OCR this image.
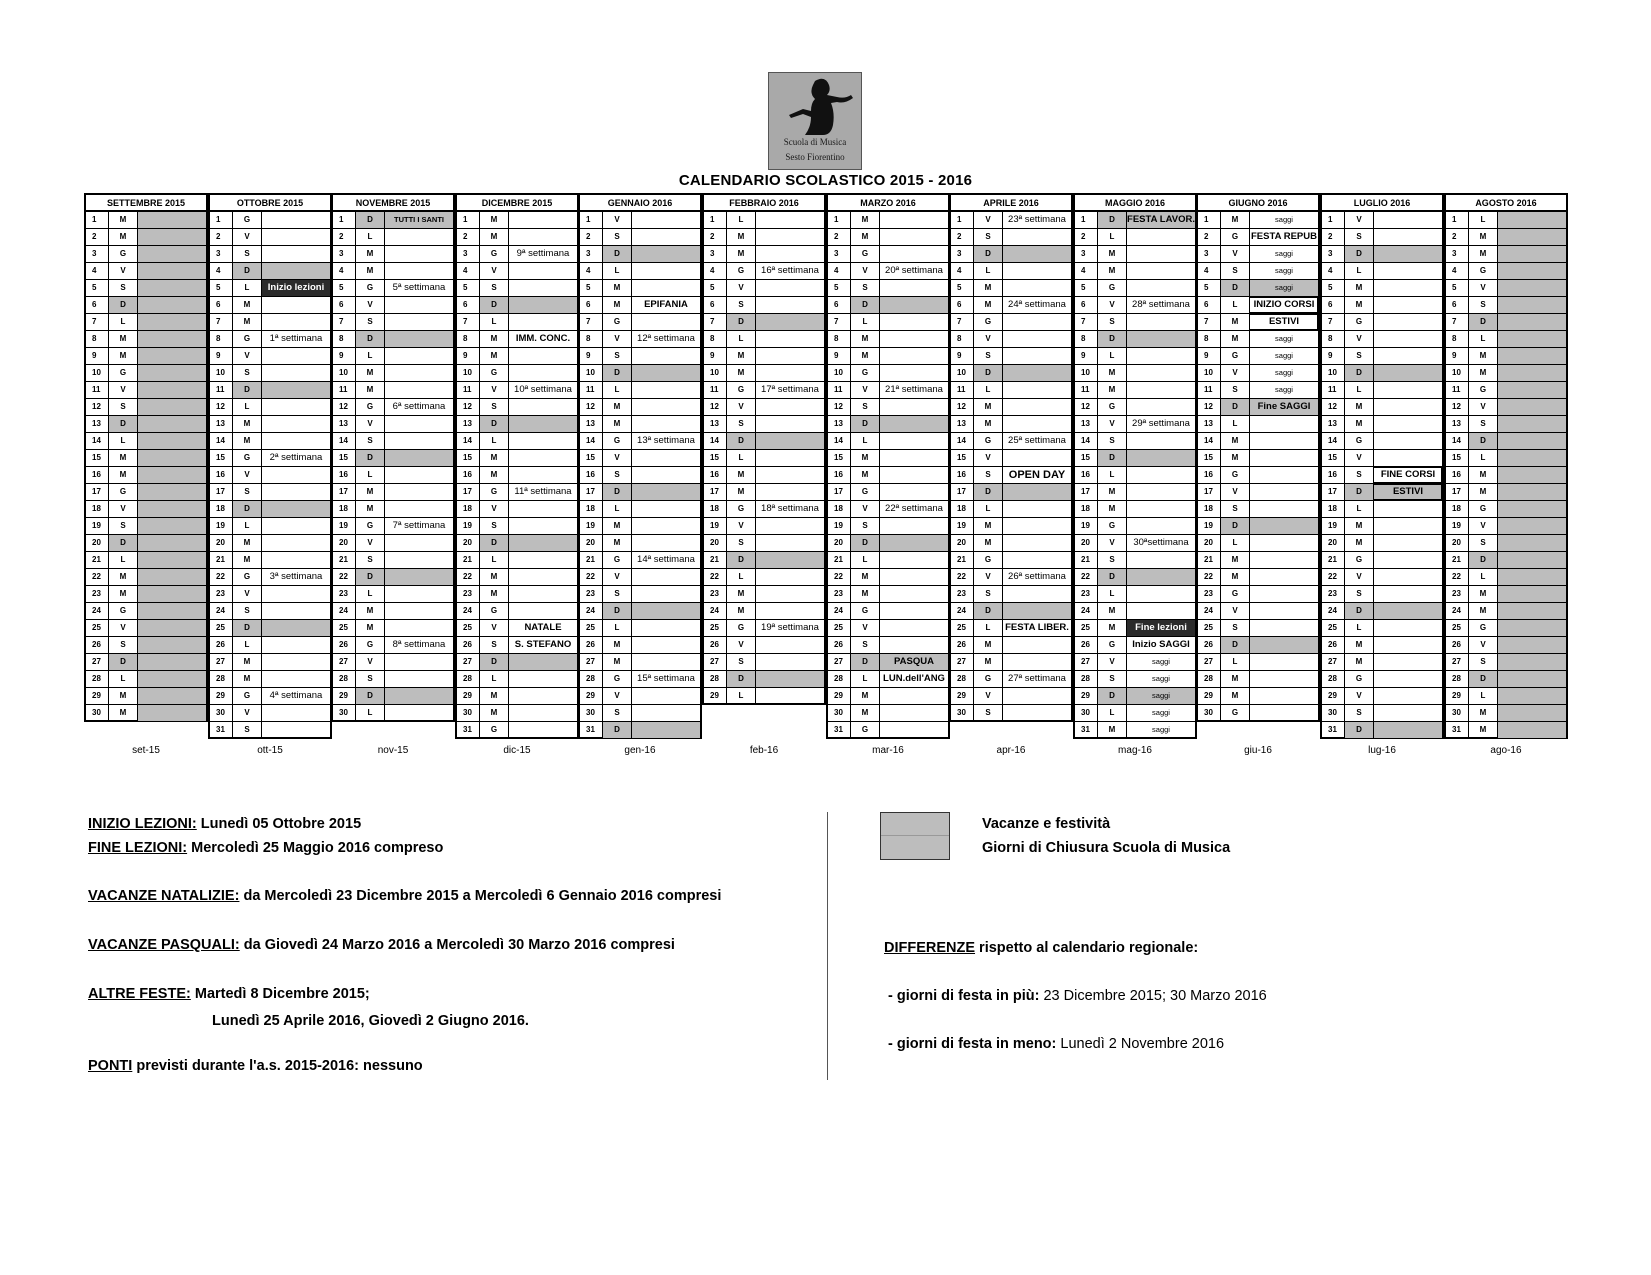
Scuola di Musica
Sesto Fiorentino
CALENDARIO SCOLASTICO 2015 - 2016
SETTEMBRE 2015
1	M
2	M
3	G
4	V
5	S
6	D
7	L
8	M
9	M
10	G
11	V
12	S
13	D
14	L
15	M
16	M
17	G
18	V
19	S
20	D
21	L
22	M
23	M
24	G
25	V
26	S
27	D
28	L
29	M
30	M
set-15
OTTOBRE 2015
1	G
2	V
3	S
4	D
5	L	Inizio lezioni
6	M
7	M
8	G	1ª settimana
9	V
10	S
11	D
12	L
13	M
14	M
15	G	2ª settimana
16	V
17	S
18	D
19	L
20	M
21	M
22	G	3ª settimana
23	V
24	S
25	D
26	L
27	M
28	M
29	G	4ª settimana
30	V
31	S
ott-15
NOVEMBRE 2015
1	D	TUTTI I SANTI
2	L
3	M
4	M
5	G	5ª settimana
6	V
7	S
8	D
9	L
10	M
11	M
12	G	6ª settimana
13	V
14	S
15	D
16	L
17	M
18	M
19	G	7ª settimana
20	V
21	S
22	D
23	L
24	M
25	M
26	G	8ª settimana
27	V
28	S
29	D
30	L
nov-15
DICEMBRE 2015
1	M
2	M
3	G	9ª settimana
4	V
5	S
6	D
7	L
8	M	IMM. CONC.
9	M
10	G
11	V	10ª settimana
12	S
13	D
14	L
15	M
16	M
17	G	11ª settimana
18	V
19	S
20	D
21	L
22	M
23	M
24	G
25	V	NATALE
26	S	S. STEFANO
27	D
28	L
29	M
30	M
31	G
dic-15
GENNAIO 2016
1	V
2	S
3	D
4	L
5	M
6	M	EPIFANIA
7	G
8	V	12ª settimana
9	S
10	D
11	L
12	M
13	M
14	G	13ª settimana
15	V
16	S
17	D
18	L
19	M
20	M
21	G	14ª settimana
22	V
23	S
24	D
25	L
26	M
27	M
28	G	15ª settimana
29	V
30	S
31	D
gen-16
FEBBRAIO 2016
1	L
2	M
3	M
4	G	16ª settimana
5	V
6	S
7	D
8	L
9	M
10	M
11	G	17ª settimana
12	V
13	S
14	D
15	L
16	M
17	M
18	G	18ª settimana
19	V
20	S
21	D
22	L
23	M
24	M
25	G	19ª settimana
26	V
27	S
28	D
29	L
feb-16
MARZO 2016
1	M
2	M
3	G
4	V	20ª settimana
5	S
6	D
7	L
8	M
9	M
10	G
11	V	21ª settimana
12	S
13	D
14	L
15	M
16	M
17	G
18	V	22ª settimana
19	S
20	D
21	L
22	M
23	M
24	G
25	V
26	S
27	D	PASQUA
28	L	LUN.dell'ANG
29	M
30	M
31	G
mar-16
APRILE 2016
1	V	23ª settimana
2	S
3	D
4	L
5	M
6	M	24ª settimana
7	G
8	V
9	S
10	D
11	L
12	M
13	M
14	G	25ª settimana
15	V
16	S	OPEN DAY
17	D
18	L
19	M
20	M
21	G
22	V	26ª settimana
23	S
24	D
25	L	FESTA LIBER.
26	M
27	M
28	G	27ª settimana
29	V
30	S
apr-16
MAGGIO 2016
1	D	FESTA LAVOR.
2	L
3	M
4	M
5	G
6	V	28ª settimana
7	S
8	D
9	L
10	M
11	M
12	G
13	V	29ª settimana
14	S
15	D
16	L
17	M
18	M
19	G
20	V	30ªsettimana
21	S
22	D
23	L
24	M
25	M	Fine lezioni
26	G	Inizio SAGGI
27	V	saggi
28	S	saggi
29	D	saggi
30	L	saggi
31	M	saggi
mag-16
GIUGNO 2016
1	M	saggi
2	G	FESTA REPUB
3	V	saggi
4	S	saggi
5	D	saggi
6	L	INIZIO CORSI
7	M	ESTIVI
8	M	saggi
9	G	saggi
10	V	saggi
11	S	saggi
12	D	Fine SAGGI
13	L
14	M
15	M
16	G
17	V
18	S
19	D
20	L
21	M
22	M
23	G
24	V
25	S
26	D
27	L
28	M
29	M
30	G
giu-16
LUGLIO 2016
1	V
2	S
3	D
4	L
5	M
6	M
7	G
8	V
9	S
10	D
11	L
12	M
13	M
14	G
15	V
16	S	FINE CORSI
17	D	ESTIVI
18	L
19	M
20	M
21	G
22	V
23	S
24	D
25	L
26	M
27	M
28	G
29	V
30	S
31	D
lug-16
AGOSTO 2016
1	L
2	M
3	M
4	G
5	V
6	S
7	D
8	L
9	M
10	M
11	G
12	V
13	S
14	D
15	L
16	M
17	M
18	G
19	V
20	S
21	D
22	L
23	M
24	M
25	G
26	V
27	S
28	D
29	L
30	M
31	M
ago-16
INIZIO LEZIONI: Lunedì 05 Ottobre 2015
FINE LEZIONI: Mercoledì 25 Maggio 2016 compreso
VACANZE NATALIZIE: da Mercoledì 23 Dicembre 2015 a Mercoledì 6 Gennaio 2016 compresi
VACANZE PASQUALI: da Giovedì 24 Marzo 2016 a Mercoledì 30 Marzo 2016 compresi
ALTRE FESTE: Martedì 8 Dicembre 2015;
Lunedì 25 Aprile 2016, Giovedì 2 Giugno 2016.
PONTI previsti durante l'a.s. 2015-2016: nessuno
Vacanze e festività
Giorni di Chiusura Scuola di Musica
DIFFERENZE rispetto al calendario regionale:
- giorni di festa in più: 23 Dicembre 2015; 30 Marzo 2016
- giorni di festa in meno: Lunedì 2 Novembre 2016
